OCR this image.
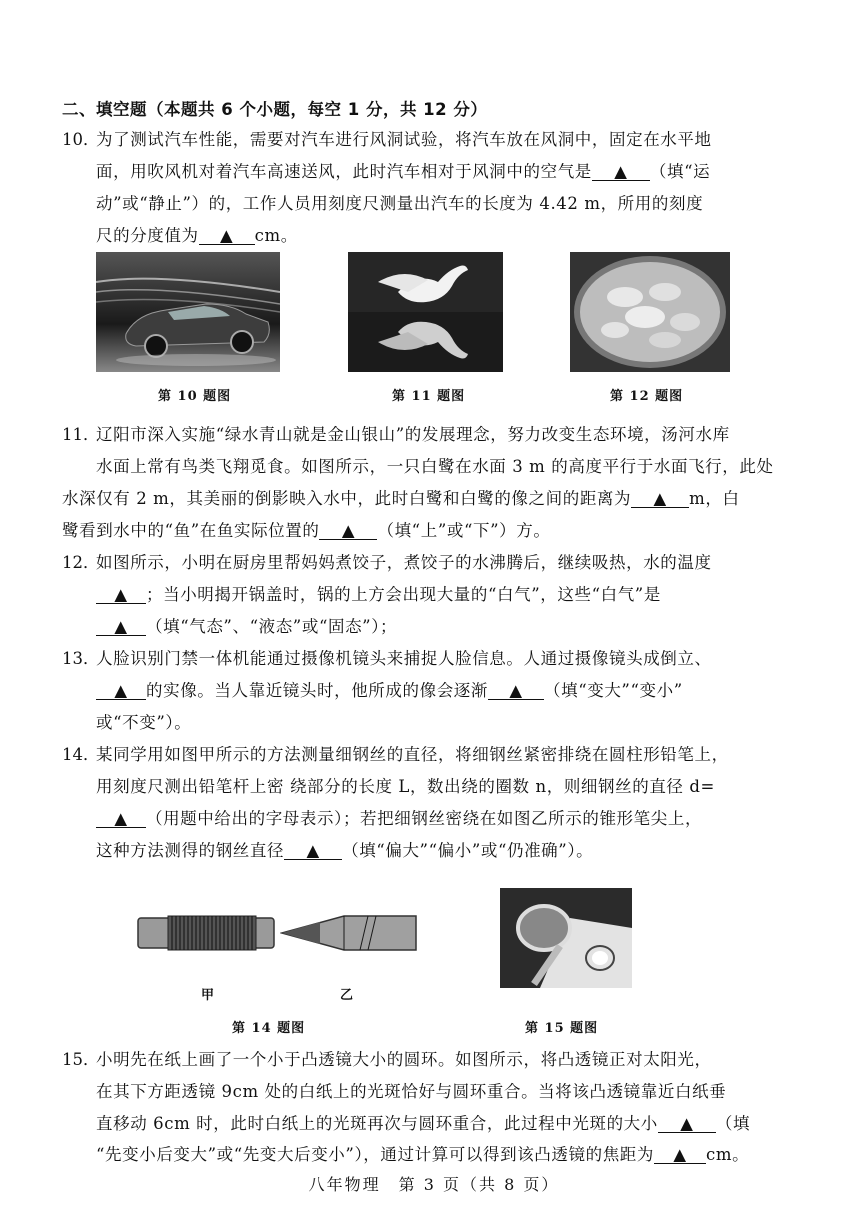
二、填空题（本题共 6 个小题，每空 1 分，共 12 分）
10．
为了测试汽车性能，需要对汽车进行风洞试验，将汽车放在风洞中，固定在水平地
面，用吹风机对着汽车高速送风，此时汽车相对于风洞中的空气是 ▲ （填“运
动”或“静止”）的，工作人员用刻度尺测量出汽车的长度为 4.42 m，所用的刻度
尺的分度值为 ▲ cm。
第 10 题图	第 11 题图	第 12 题图
11．
辽阳市深入实施“绿水青山就是金山银山”的发展理念，努力改变生态环境，汤河水库
水面上常有鸟类飞翔觅食。如图所示，一只白鹭在水面 3 m 的高度平行于水面飞行，此处
水深仅有 2 m，其美丽的倒影映入水中，此时白鹭和白鹭的像之间的距离为 ▲ m，白
鹭看到水中的“鱼”在鱼实际位置的 ▲ （填“上”或“下”）方。
12．
如图所示，小明在厨房里帮妈妈煮饺子，煮饺子的水沸腾后，继续吸热，水的温度
▲ ；当小明揭开锅盖时，锅的上方会出现大量的“白气”，这些“白气”是
▲ （填“气态”、“液态”或“固态”）；
13．
人脸识别门禁一体机能通过摄像机镜头来捕捉人脸信息。人通过摄像镜头成倒立、
▲ 的实像。当人靠近镜头时，他所成的像会逐渐 ▲ （填“变大”“变小”
或“不变”）。
14．
某同学用如图甲所示的方法测量细钢丝的直径，将细钢丝紧密排绕在圆柱形铅笔上，
用刻度尺测出铅笔杆上密 绕部分的长度 L，数出绕的圈数 n，则细钢丝的直径 d=
▲ （用题中给出的字母表示）；若把细钢丝密绕在如图乙所示的锥形笔尖上，
这种方法测得的钢丝直径 ▲ （填“偏大”“偏小”或“仍准确”）。
甲	乙
第 14 题图	第 15 题图
15．
小明先在纸上画了一个小于凸透镜大小的圆环。如图所示，将凸透镜正对太阳光，
在其下方距透镜 9cm 处的白纸上的光斑恰好与圆环重合。当将该凸透镜靠近白纸垂
直移动 6cm 时，此时白纸上的光斑再次与圆环重合，此过程中光斑的大小 ▲ （填
“先变小后变大”或“先变大后变小”），通过计算可以得到该凸透镜的焦距为 ▲ cm。
八年物理　第 3 页（共 8 页）
